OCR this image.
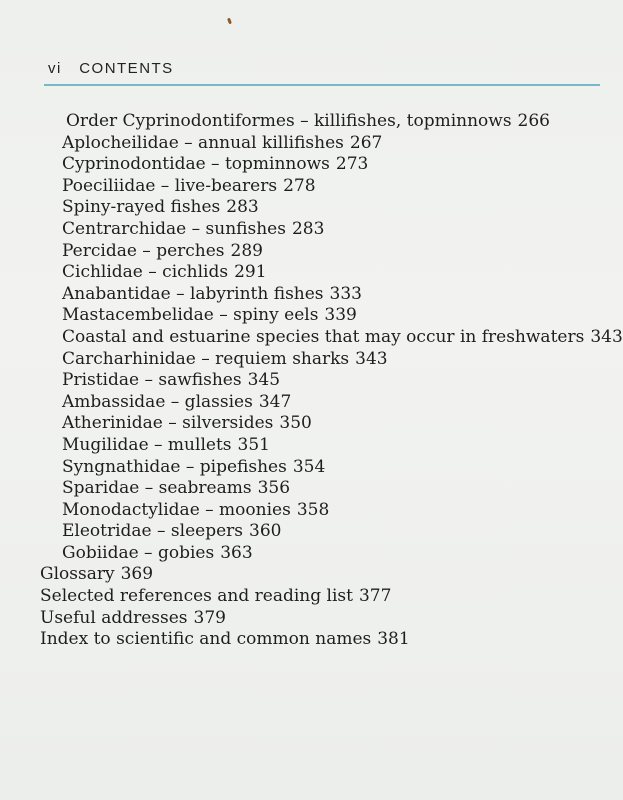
vi CONTENTS
Order Cyprinodontiformes – killifishes, topminnows 266
Aplocheilidae – annual killifishes 267
Cyprinodontidae – topminnows 273
Poeciliidae – live-bearers 278
Spiny-rayed fishes 283
Centrarchidae – sunfishes 283
Percidae – perches 289
Cichlidae – cichlids 291
Anabantidae – labyrinth fishes 333
Mastacembelidae – spiny eels 339
Coastal and estuarine species that may occur in freshwaters 343
Carcharhinidae – requiem sharks 343
Pristidae – sawfishes 345
Ambassidae – glassies 347
Atherinidae – silversides 350
Mugilidae – mullets 351
Syngnathidae – pipefishes 354
Sparidae – seabreams 356
Monodactylidae – moonies 358
Eleotridae – sleepers 360
Gobiidae – gobies 363
Glossary 369
Selected references and reading list 377
Useful addresses 379
Index to scientific and common names 381
